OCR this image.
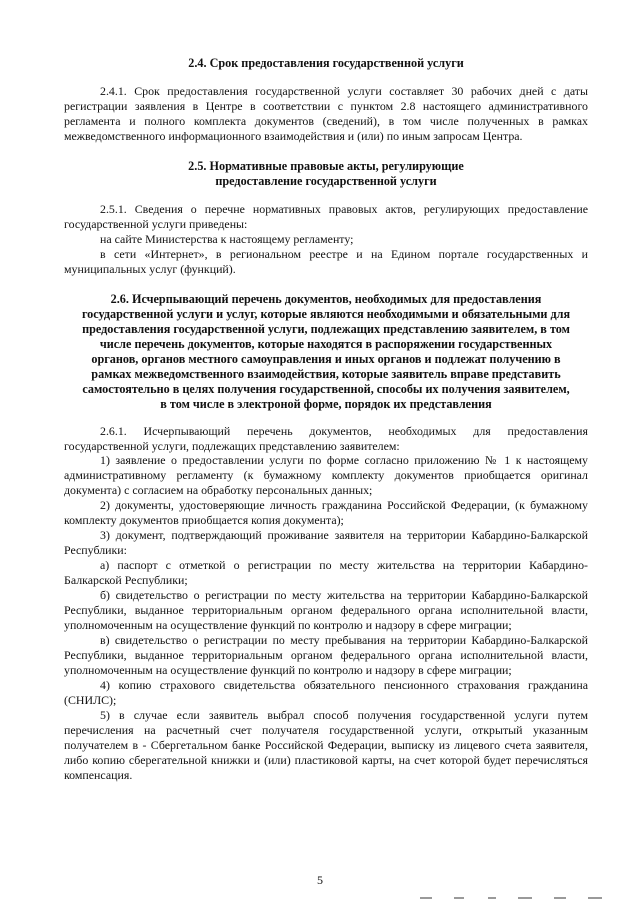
2.4. Срок предоставления государственной услуги

2.4.1. Срок предоставления государственной услуги составляет 30 рабочих дней с даты регистрации заявления в Центре в соответствии с пунктом 2.8 настоящего административного регламента и полного комплекта документов (сведений), в том числе полученных в рамках межведомственного информационного взаимодействия и (или) по иным запросам Центра.

2.5. Нормативные правовые акты, регулирующие предоставление государственной услуги

2.5.1. Сведения о перечне нормативных правовых актов, регулирующих предоставление государственной услуги приведены:

на сайте Министерства к настоящему регламенту;

в сети «Интернет», в региональном реестре и на Едином портале государственных и муниципальных услуг (функций).

2.6. Исчерпывающий перечень документов, необходимых для предоставления государственной услуги и услуг, которые являются необходимыми и обязательными для предоставления государственной услуги, подлежащих представлению заявителем, в том числе перечень документов, которые находятся в распоряжении государственных органов, органов местного самоуправления и иных органов и подлежат получению в рамках межведомственного взаимодействия, которые заявитель вправе представить самостоятельно в целях получения государственной, способы их получения заявителем, в том числе в электроной форме, порядок их представления

2.6.1. Исчерпывающий перечень документов, необходимых для предоставления государственной услуги, подлежащих представлению заявителем:

1) заявление о предоставлении услуги по форме согласно приложению № 1 к настоящему административному регламенту (к бумажному комплекту документов приобщается оригинал документа) с согласием на обработку персональных данных;

2) документы, удостоверяющие личность гражданина Российской Федерации, (к бумажному комплекту документов приобщается копия документа);

3) документ, подтверждающий проживание заявителя на территории Кабардино-Балкарской Республики:

а) паспорт с отметкой о регистрации по месту жительства на территории Кабардино-Балкарской Республики;

б) свидетельство о регистрации по месту жительства на территории Кабардино-Балкарской Республики, выданное территориальным органом федерального органа исполнительной власти, уполномоченным на осуществление функций по контролю и надзору в сфере миграции;

в) свидетельство о регистрации по месту пребывания на территории Кабардино-Балкарской Республики, выданное территориальным органом федерального органа исполнительной власти, уполномоченным на осуществление функций по контролю и надзору в сфере миграции;

4) копию страхового свидетельства обязательного пенсионного страхования гражданина (СНИЛС);

5) в случае если заявитель выбрал способ получения государственной услуги путем перечисления на расчетный счет получателя государственной услуги, открытый указанным получателем в - Сбергетальном банке Российской Федерации, выписку из лицевого счета заявителя, либо копию сберегательной книжки и (или) пластиковой карты, на счет которой будет перечисляться компенсация.

5
